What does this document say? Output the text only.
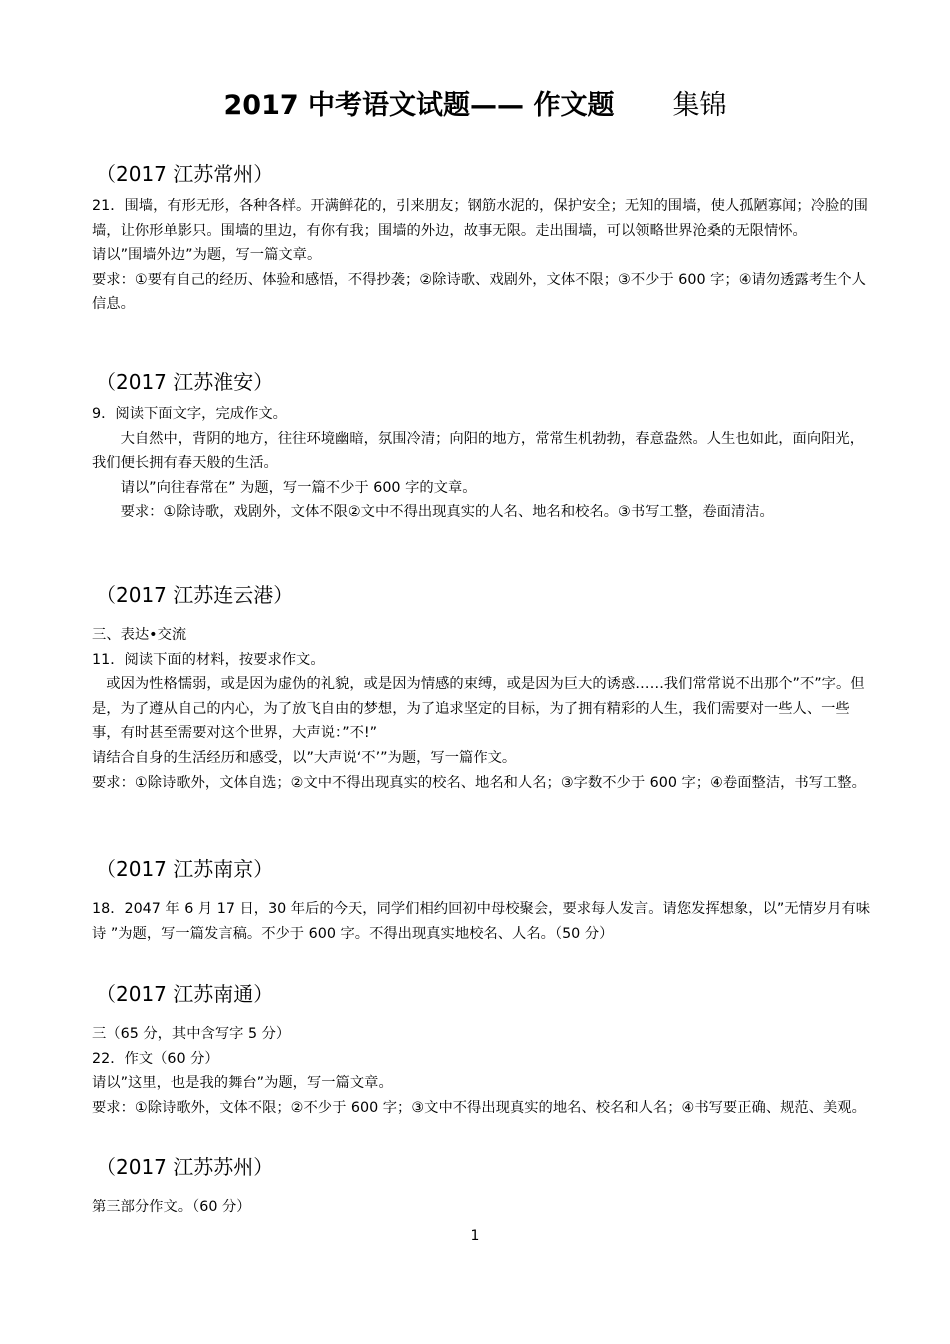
2017 中考语文试题—— 作文题 集锦
（2017 江苏常州）

21．围墙，有形无形，各种各样。开满鲜花的，引来朋友；钢筋水泥的，保护安全；无知的围墙，使人孤陋寡闻；冷脸的围墙，让你形单影只。围墙的里边，有你有我；围墙的外边，故事无限。走出围墙，可以领略世界沧桑的无限情怀。

请以”围墙外边”为题，写一篇文章。

要求：①要有自己的经历、体验和感悟，不得抄袭；②除诗歌、戏剧外，文体不限；③不少于 600 字；④请勿透露考生个人信息。

（2017 江苏淮安）

9．阅读下面文字，完成作文。

大自然中，背阴的地方，往往环境幽暗，氛围冷清；向阳的地方，常常生机勃勃，春意盎然。人生也如此，面向阳光，我们便长拥有春天般的生活。

请以”向往春常在” 为题，写一篇不少于 600 字的文章。

要求：①除诗歌，戏剧外，文体不限②文中不得出现真实的人名、地名和校名。③书写工整，卷面清洁。

（2017 江苏连云港）

三、表达•交流

11．阅读下面的材料，按要求作文。

或因为性格懦弱，或是因为虚伪的礼貌，或是因为情感的束缚，或是因为巨大的诱惑……我们常常说不出那个”不”字。但是，为了遵从自己的内心，为了放飞自由的梦想，为了追求坚定的目标，为了拥有精彩的人生，我们需要对一些人、一些事，有时甚至需要对这个世界，大声说：”不!”

请结合自身的生活经历和感受，以”大声说‘不’”为题，写一篇作文。

要求：①除诗歌外，文体自选；②文中不得出现真实的校名、地名和人名；③字数不少于 600 字；④卷面整洁，书写工整。

（2017 江苏南京）

18．2047 年 6 月 17 日，30 年后的今天，同学们相约回初中母校聚会，要求每人发言。请您发挥想象，以”无情岁月有味诗 ”为题，写一篇发言稿。不少于 600 字。不得出现真实地校名、人名。（50 分）

（2017 江苏南通）

三（65 分，其中含写字 5 分）

22．作文（60 分）

请以”这里，也是我的舞台”为题，写一篇文章。

要求：①除诗歌外，文体不限；②不少于 600 字；③文中不得出现真实的地名、校名和人名；④书写要正确、规范、美观。

（2017 江苏苏州）

第三部分作文。（60 分）

1
